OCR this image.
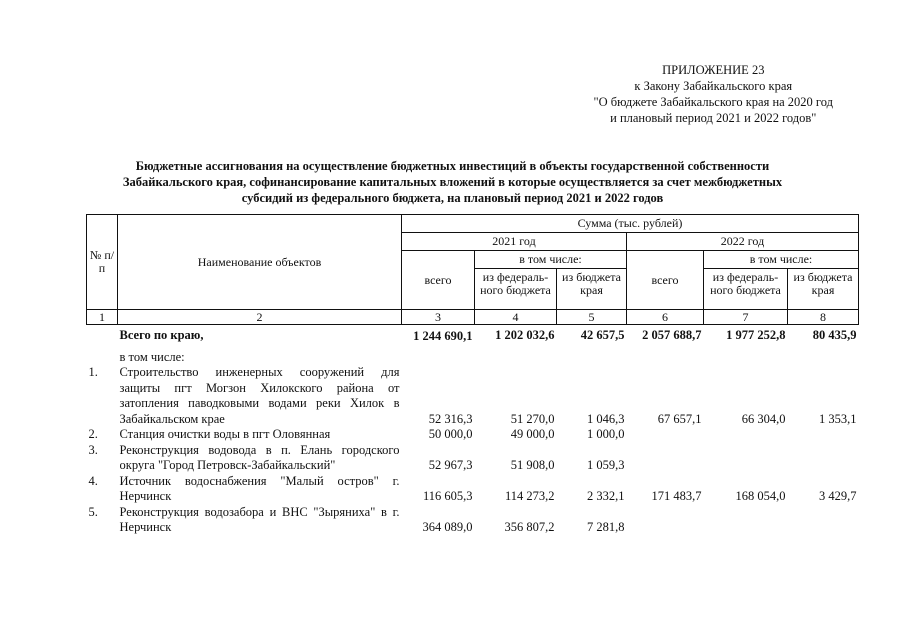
ПРИЛОЖЕНИЕ 23
к Закону Забайкальского края
"О бюджете Забайкальского края на 2020 год
и плановый период 2021 и 2022 годов"
Бюджетные ассигнования на осуществление бюджетных инвестиций в объекты государственной собственности
Забайкальского края, софинансирование капитальных вложений в которые осуществляется за счет межбюджетных
субсидий из федерального бюджета, на плановый период 2021 и 2022 годов
№ п/п	Наименование объектов	Сумма (тыс. рублей)					
		2021 год			2022 год		
		всего	в том числе:		всего	в том числе:	
			из федераль-ного бюджета	из бюджета края		из федераль-ного бюджета	из бюджета края
1	2	3	4	5	6	7	8
	Всего по краю,	1 244 690,1	1 202 032,6	42 657,5	2 057 688,7	1 977 252,8	80 435,9
	в том числе:						
1.	Строительство инженерных сооружений для защиты пгт Могзон Хилокского района от затопления паводковыми водами реки Хилок в Забайкальском крае	52 316,3	51 270,0	1 046,3	67 657,1	66 304,0	1 353,1
2.	Станция очистки воды в пгт Оловянная	50 000,0	49 000,0	1 000,0			
3.	Реконструкция водовода в п. Елань городского округа "Город Петровск-Забайкальский"	52 967,3	51 908,0	1 059,3			
4.	Источник водоснабжения "Малый остров" г. Нерчинск	116 605,3	114 273,2	2 332,1	171 483,7	168 054,0	3 429,7
5.	Реконструкция водозабора и ВНС "Зыряниха" в г. Нерчинск	364 089,0	356 807,2	7 281,8			
